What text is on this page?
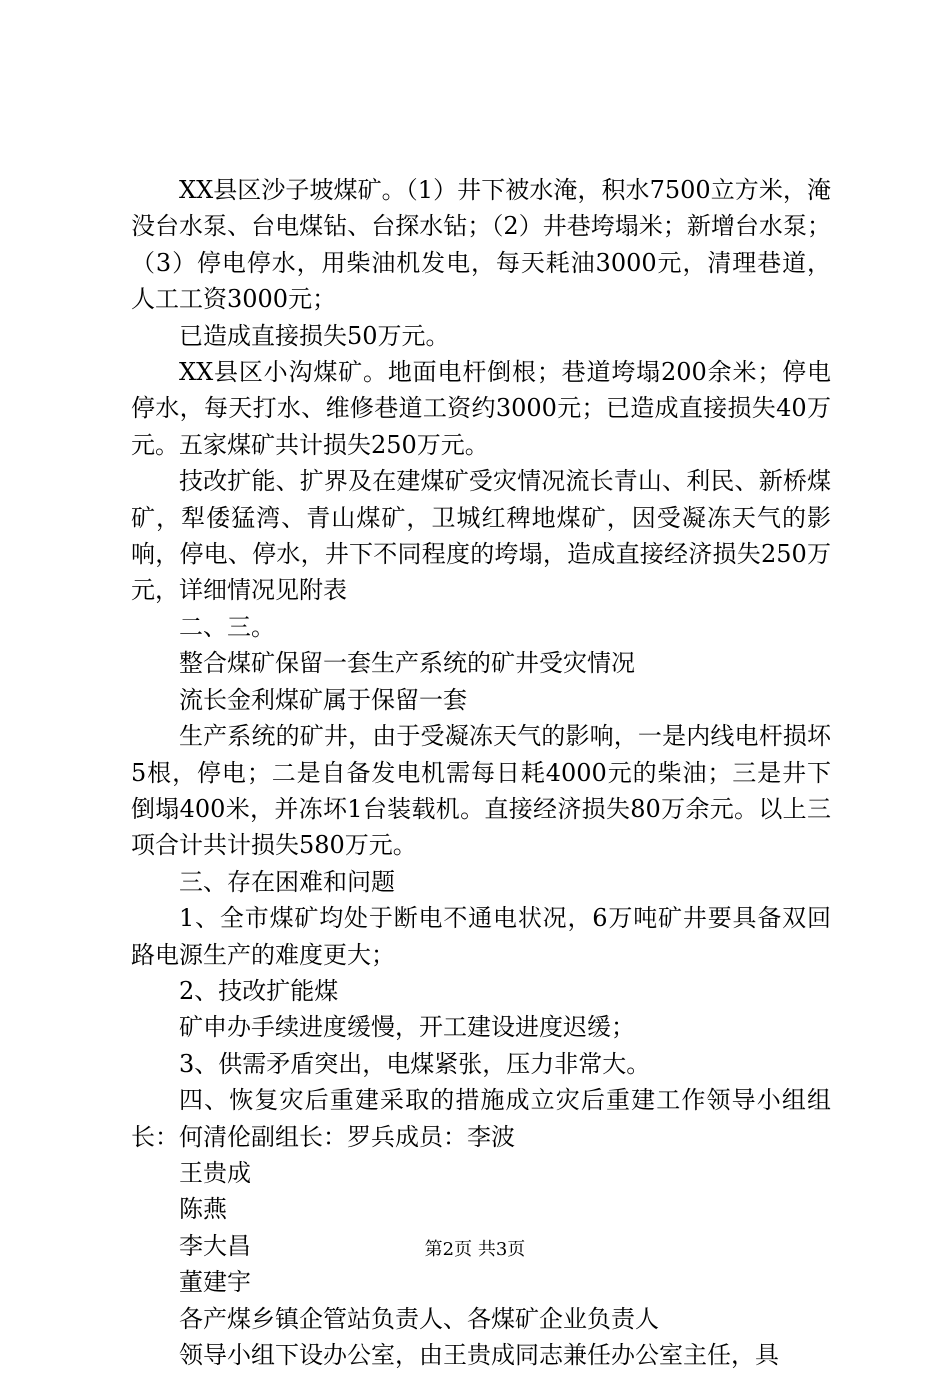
XX县区沙子坡煤矿。（1）井下被水淹，积水7500立方米，淹没台水泵、台电煤钻、台探水钻；（2）井巷垮塌米；新增台水泵；（3）停电停水，用柴油机发电，每天耗油3000元，清理巷道，人工工资3000元；

已造成直接损失50万元。

XX县区小沟煤矿。地面电杆倒根；巷道垮塌200余米；停电停水，每天打水、维修巷道工资约3000元；已造成直接损失40万元。五家煤矿共计损失250万元。

技改扩能、扩界及在建煤矿受灾情况流长青山、利民、新桥煤矿，犁倭猛湾、青山煤矿，卫城红稗地煤矿，因受凝冻天气的影响，停电、停水，井下不同程度的垮塌，造成直接经济损失250万元，详细情况见附表

二、三。

整合煤矿保留一套生产系统的矿井受灾情况

流长金利煤矿属于保留一套

生产系统的矿井，由于受凝冻天气的影响，一是内线电杆损坏5根，停电；二是自备发电机需每日耗4000元的柴油；三是井下倒塌400米，并冻坏1台装载机。直接经济损失80万余元。以上三项合计共计损失580万元。

三、存在困难和问题

1、全市煤矿均处于断电不通电状况，6万吨矿井要具备双回路电源生产的难度更大；

2、技改扩能煤

矿申办手续进度缓慢，开工建设进度迟缓；

3、供需矛盾突出，电煤紧张，压力非常大。

四、恢复灾后重建采取的措施成立灾后重建工作领导小组组长：何清伦副组长：罗兵成员：李波

王贵成

陈燕

李大昌

董建宇

各产煤乡镇企管站负责人、各煤矿企业负责人

领导小组下设办公室，由王贵成同志兼任办公室主任，具

第2页 共3页
